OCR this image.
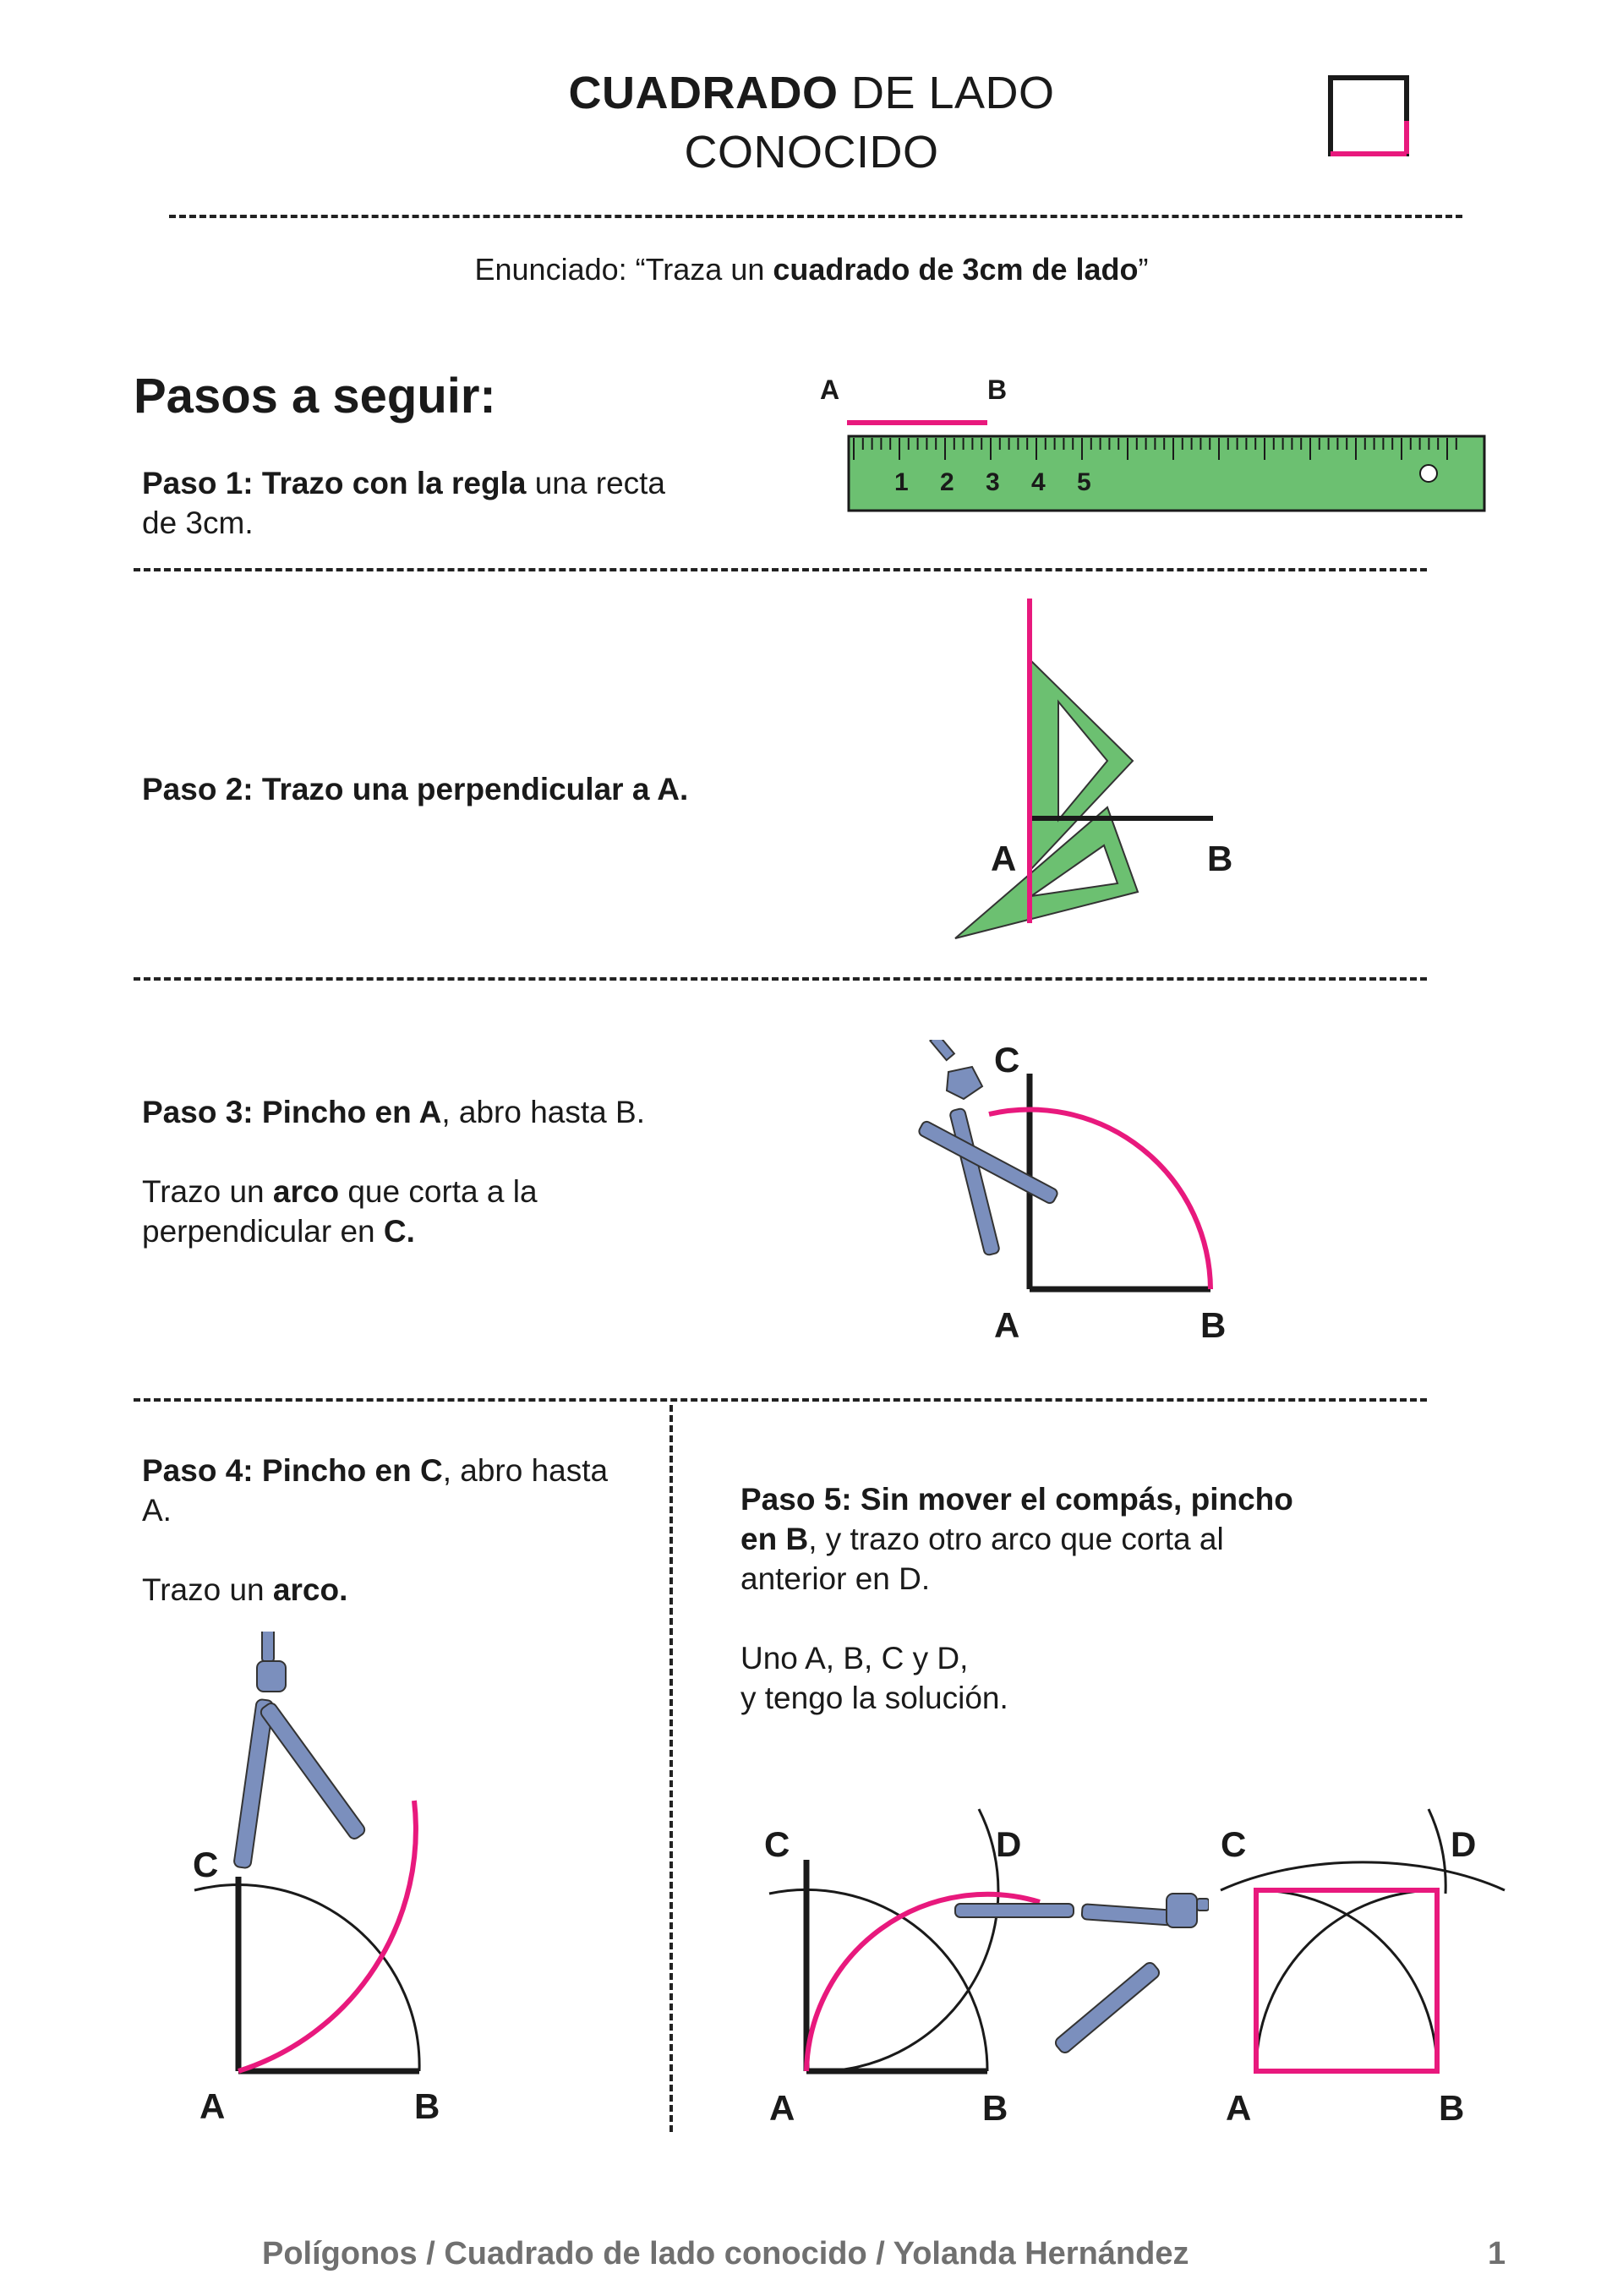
CUADRADO DE LADO
CONOCIDO
Enunciado: “Traza un cuadrado de 3cm de lado”
Pasos a seguir:
Paso 1: Trazo con la regla una recta de 3cm.
A	B
1 2 3 4 5
Paso 2: Trazo una perpendicular a A.
A	B
Paso 3: Pincho en A, abro hasta B.
Trazo un arco que corta a la perpendicular en C.
C
A	B
Paso 4: Pincho en C, abro hasta A.
Trazo un arco.
C
A	B
Paso 5: Sin mover el compás, pincho en B, y trazo otro arco que corta al anterior en D.
Uno A, B, C y D,
y tengo la solución.
C	D
A	B
C	D
A	B
Polígonos / Cuadrado de lado conocido / Yolanda Hernández	1
